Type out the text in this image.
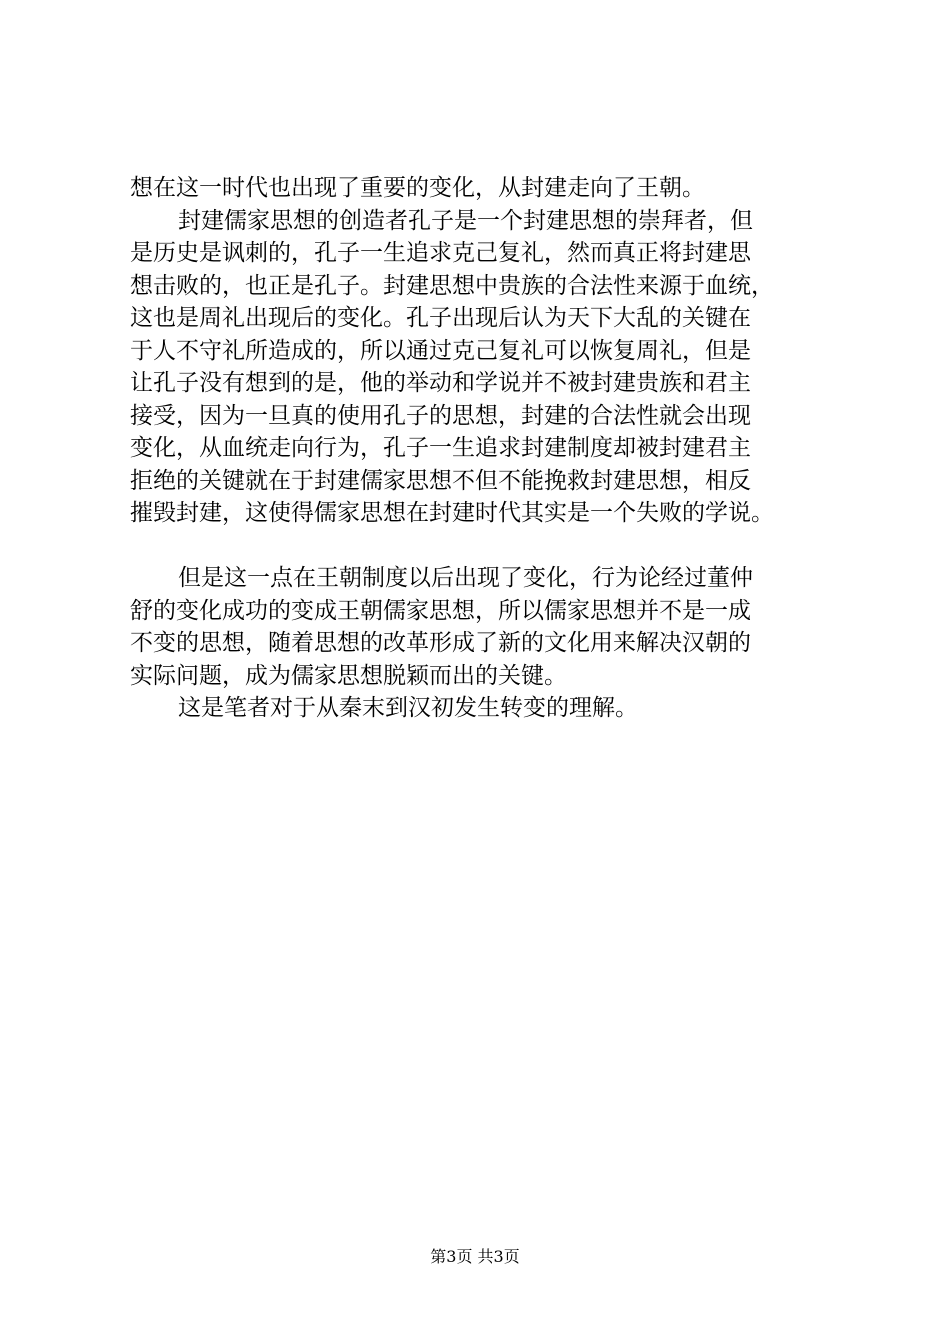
想在这一时代也出现了重要的变化，从封建走向了王朝。
封建儒家思想的创造者孔子是一个封建思想的崇拜者，但
是历史是讽刺的，孔子一生追求克己复礼，然而真正将封建思
想击败的，也正是孔子。封建思想中贵族的合法性来源于血统，
这也是周礼出现后的变化。孔子出现后认为天下大乱的关键在
于人不守礼所造成的，所以通过克己复礼可以恢复周礼，但是
让孔子没有想到的是，他的举动和学说并不被封建贵族和君主
接受，因为一旦真的使用孔子的思想，封建的合法性就会出现
变化，从血统走向行为，孔子一生追求封建制度却被封建君主
拒绝的关键就在于封建儒家思想不但不能挽救封建思想，相反
摧毁封建，这使得儒家思想在封建时代其实是一个失败的学说。
但是这一点在王朝制度以后出现了变化，行为论经过董仲
舒的变化成功的变成王朝儒家思想，所以儒家思想并不是一成
不变的思想，随着思想的改革形成了新的文化用来解决汉朝的
实际问题，成为儒家思想脱颖而出的关键。
这是笔者对于从秦末到汉初发生转变的理解。
第3页 共3页
